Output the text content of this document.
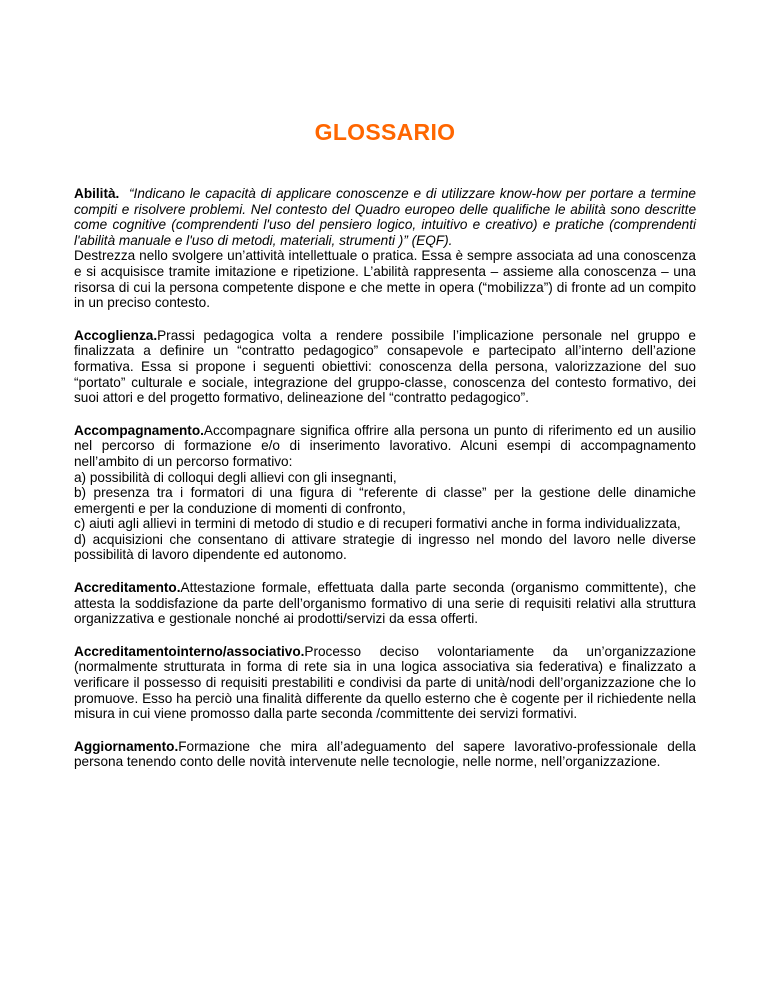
GLOSSARIO

Abilità. “Indicano le capacità di applicare conoscenze e di utilizzare know-how per portare a termine compiti e risolvere problemi. Nel contesto del Quadro europeo delle qualifiche le abilità sono descritte come cognitive (comprendenti l'uso del pensiero logico, intuitivo e creativo) e pratiche (comprendenti l'abilità manuale e l'uso di metodi, materiali, strumenti )” (EQF).

Destrezza nello svolgere un’attività intellettuale o pratica. Essa è sempre associata ad una conoscenza e si acquisisce tramite imitazione e ripetizione. L’abilità rappresenta – assieme alla conoscenza – una risorsa di cui la persona competente dispone e che mette in opera (“mobilizza”) di fronte ad un compito in un preciso contesto.

Accoglienza.Prassi pedagogica volta a rendere possibile l’implicazione personale nel gruppo e finalizzata a definire un “contratto pedagogico” consapevole e partecipato all’interno dell’azione formativa. Essa si propone i seguenti obiettivi: conoscenza della persona, valorizzazione del suo “portato” culturale e sociale, integrazione del gruppo-classe, conoscenza del contesto formativo, dei suoi attori e del progetto formativo, delineazione del “contratto pedagogico”.

Accompagnamento.Accompagnare significa offrire alla persona un punto di riferimento ed un ausilio nel percorso di formazione e/o di inserimento lavorativo. Alcuni esempi di accompagnamento nell’ambito di un percorso formativo:

a) possibilità di colloqui degli allievi con gli insegnanti,

b) presenza tra i formatori di una figura di “referente di classe” per la gestione delle dinamiche emergenti e per la conduzione di momenti di confronto,

c) aiuti agli allievi in termini di metodo di studio e di recuperi formativi anche in forma individualizzata,

d) acquisizioni che consentano di attivare strategie di ingresso nel mondo del lavoro nelle diverse possibilità di lavoro dipendente ed autonomo.

Accreditamento.Attestazione formale, effettuata dalla parte seconda (organismo committente), che attesta la soddisfazione da parte dell’organismo formativo di una serie di requisiti relativi alla struttura organizzativa e gestionale nonché ai prodotti/servizi da essa offerti.

Accreditamentointerno/associativo.Processo deciso volontariamente da un’organizzazione (normalmente strutturata in forma di rete sia in una logica associativa sia federativa) e finalizzato a verificare il possesso di requisiti prestabiliti e condivisi da parte di unità/nodi dell’organizzazione che lo promuove. Esso ha perciò una finalità differente da quello esterno che è cogente per il richiedente nella misura in cui viene promosso dalla parte seconda /committente dei servizi formativi.

Aggiornamento.Formazione che mira all’adeguamento del sapere lavorativo-professionale della persona tenendo conto delle novità intervenute nelle tecnologie, nelle norme, nell’organizzazione.
